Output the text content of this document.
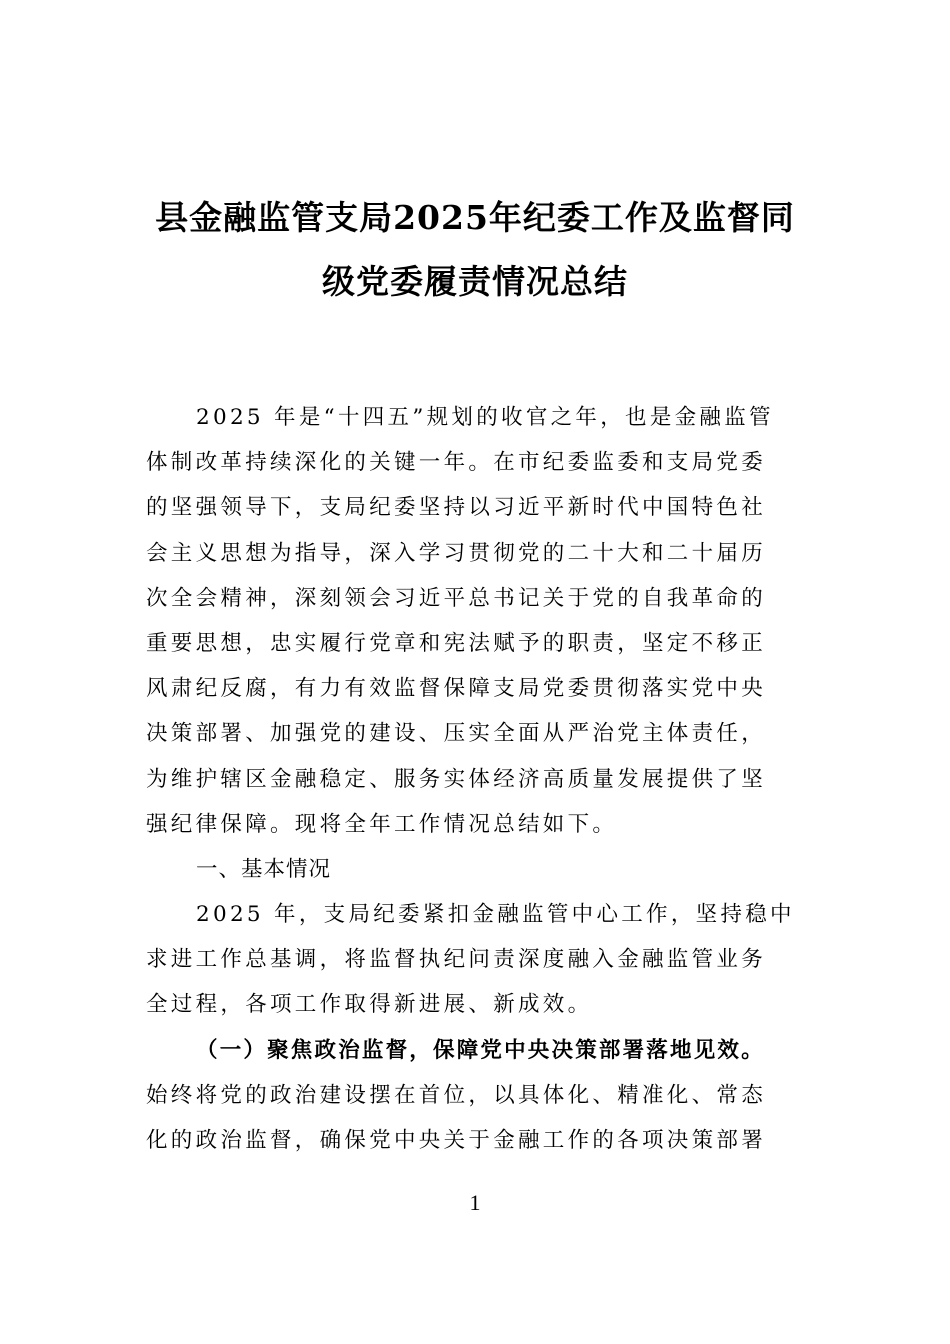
县金融监管支局2025年纪委工作及监督同
级党委履责情况总结
2025 年是“十四五”规划的收官之年，也是金融监管
体制改革持续深化的关键一年。在市纪委监委和支局党委
的坚强领导下，支局纪委坚持以习近平新时代中国特色社
会主义思想为指导，深入学习贯彻党的二十大和二十届历
次全会精神，深刻领会习近平总书记关于党的自我革命的
重要思想，忠实履行党章和宪法赋予的职责，坚定不移正
风肃纪反腐，有力有效监督保障支局党委贯彻落实党中央
决策部署、加强党的建设、压实全面从严治党主体责任，
为维护辖区金融稳定、服务实体经济高质量发展提供了坚
强纪律保障。现将全年工作情况总结如下。
一、基本情况
2025 年，支局纪委紧扣金融监管中心工作，坚持稳中
求进工作总基调，将监督执纪问责深度融入金融监管业务
全过程，各项工作取得新进展、新成效。
（一）聚焦政治监督，保障党中央决策部署落地见效。
始终将党的政治建设摆在首位，以具体化、精准化、常态
化的政治监督，确保党中央关于金融工作的各项决策部署
1
